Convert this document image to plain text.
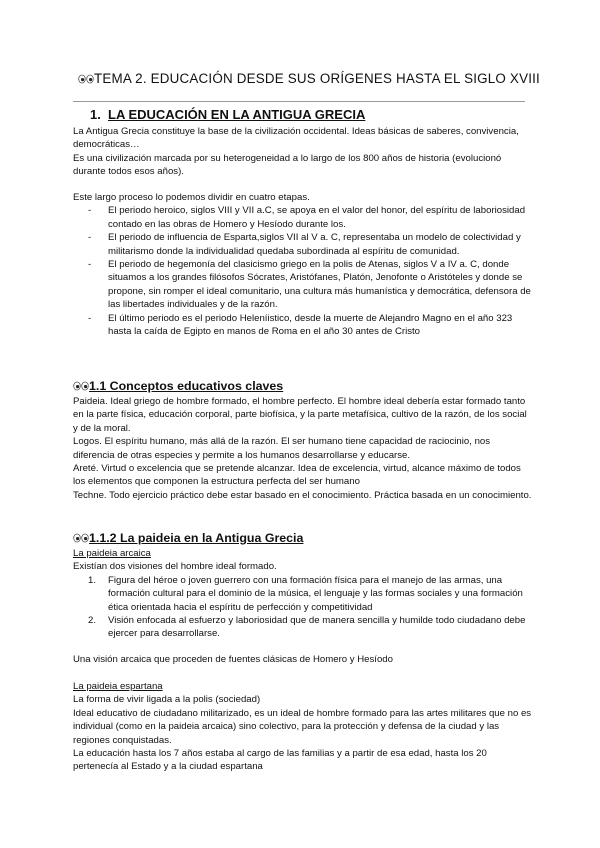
TEMA 2. EDUCACIÓN DESDE SUS ORÍGENES HASTA EL SIGLO XVIII
1. LA EDUCACIÓN EN LA ANTIGUA GRECIA

La Antigua Grecia constituye la base de la civilización occidental. Ideas básicas de saberes, convivencia, democráticas…

Es una civilización marcada por su heterogeneidad a lo largo de los 800 años de historia (evolucionó durante todos esos años).

Este largo proceso lo podemos dividir en cuatro etapas.

- El periodo heroico, siglos VIII y VII a.C, se apoya en el valor del honor, del espíritu de laboriosidad contado en las obras de Homero y Hesíodo durante los.
- El periodo de influencia de Esparta,siglos VII al V a. C, representaba un modelo de colectividad y militarismo donde la individualidad quedaba subordinada al espíritu de comunidad.
- El periodo de hegemonía del clasicismo griego en la polis de Atenas, siglos V a IV a. C, donde situamos a los grandes filósofos Sócrates, Aristófanes, Platón, Jenofonte o Aristóteles y donde se propone, sin romper el ideal comunitario, una cultura más humanística y democrática, defensora de las libertades individuales y de la razón.
- El último periodo es el periodo Heleníistico, desde la muerte de Alejandro Magno en el año 323 hasta la caída de Egipto en manos de Roma en el año 30 antes de Cristo
1.1 Conceptos educativos claves

Paideia. Ideal griego de hombre formado, el hombre perfecto. El hombre ideal debería estar formado tanto en la parte física, educación corporal, parte biofísica, y la parte metafísica, cultivo de la razón, de los social y de la moral.

Logos. El espíritu humano, más allá de la razón. El ser humano tiene capacidad de raciocinio, nos diferencia de otras especies y permite a los humanos desarrollarse y educarse.

Areté. Virtud o excelencia que se pretende alcanzar. Idea de excelencia, virtud, alcance máximo de todos los elementos que componen la estructura perfecta del ser humano

Techne. Todo ejercicio práctico debe estar basado en el conocimiento. Práctica basada en un conocimiento.

1.1.2 La paideia en la Antigua Grecia

La paideia arcaica

Existían dos visiones del hombre ideal formado.

1. Figura del héroe o joven guerrero con una formación física para el manejo de las armas, una formación cultural para el dominio de la música, el lenguaje y las formas sociales y una formación ética orientada hacia el espíritu de perfección y competitividad
2. Visión enfocada al esfuerzo y laboriosidad que de manera sencilla y humilde todo ciudadano debe ejercer para desarrollarse.

Una visión arcaica que proceden de fuentes clásicas de Homero y Hesíodo

La paideia espartana

La forma de vivir ligada a la polis (sociedad)

Ideal educativo de ciudadano militarizado, es un ideal de hombre formado para las artes militares que no es individual (como en la paideia arcaica) sino colectivo, para la protección y defensa de la ciudad y las regiones conquistadas.

La educación hasta los 7 años estaba al cargo de las familias y a partir de esa edad, hasta los 20 pertenecía al Estado y a la ciudad espartana
